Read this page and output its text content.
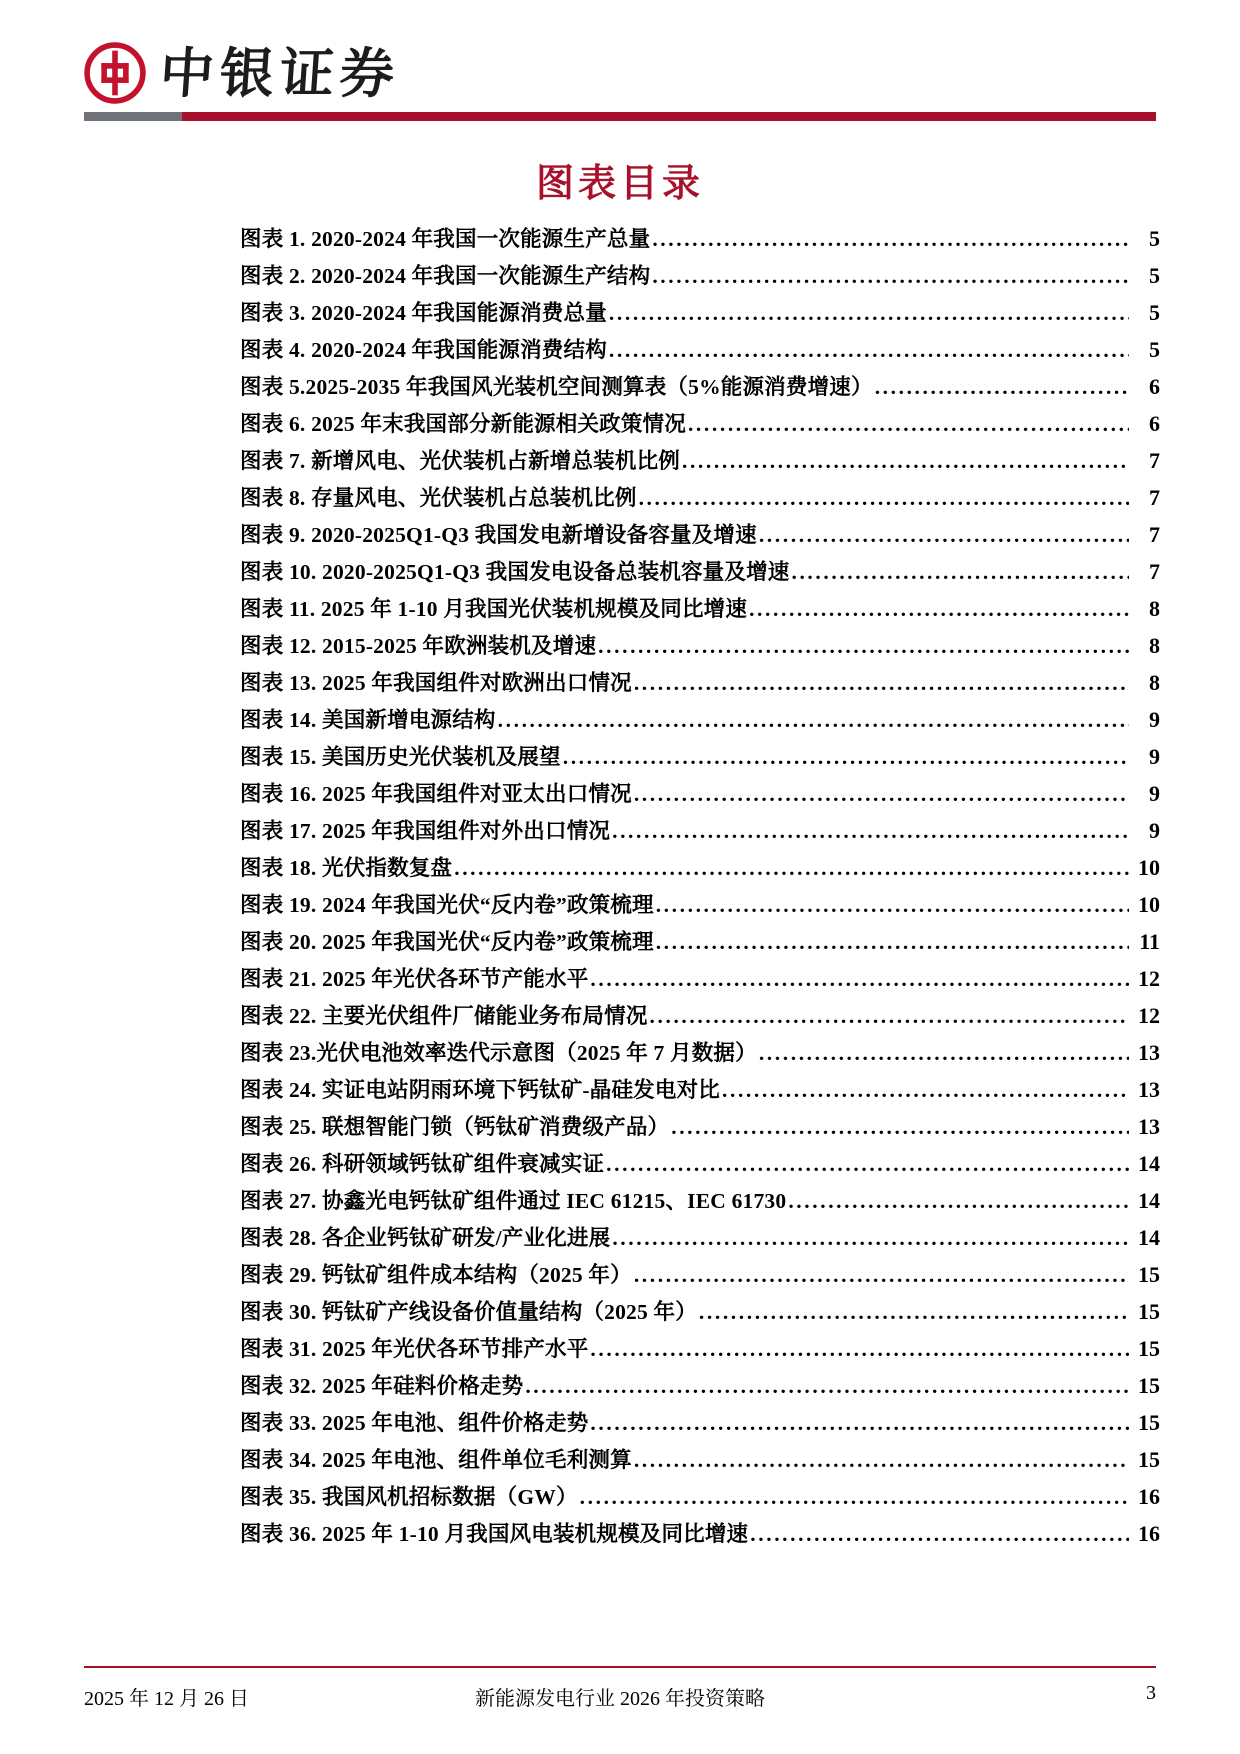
中银证券
图表目录
图表 1. 2020-2024 年我国一次能源生产总量 .....	5
图表 2. 2020-2024 年我国一次能源生产结构 .....	5
图表 3. 2020-2024 年我国能源消费总量 .....	5
图表 4. 2020-2024 年我国能源消费结构 .....	5
图表 5.2025-2035 年我国风光装机空间测算表（5%能源消费增速） .....	6
图表 6. 2025 年末我国部分新能源相关政策情况 .....	6
图表 7. 新增风电、光伏装机占新增总装机比例 .....	7
图表 8. 存量风电、光伏装机占总装机比例 .....	7
图表 9. 2020-2025Q1-Q3 我国发电新增设备容量及增速 .....	7
图表 10. 2020-2025Q1-Q3 我国发电设备总装机容量及增速 .....	7
图表 11. 2025 年 1-10 月我国光伏装机规模及同比增速 .....	8
图表 12. 2015-2025 年欧洲装机及增速 .....	8
图表 13. 2025 年我国组件对欧洲出口情况 .....	8
图表 14. 美国新增电源结构 .....	9
图表 15. 美国历史光伏装机及展望 .....	9
图表 16. 2025 年我国组件对亚太出口情况 .....	9
图表 17. 2025 年我国组件对外出口情况 .....	9
图表 18. 光伏指数复盘 .....	10
图表 19. 2024 年我国光伏“反内卷”政策梳理 .....	10
图表 20. 2025 年我国光伏“反内卷”政策梳理 .....	11
图表 21. 2025 年光伏各环节产能水平 .....	12
图表 22. 主要光伏组件厂储能业务布局情况 .....	12
图表 23.光伏电池效率迭代示意图（2025 年 7 月数据） .....	13
图表 24. 实证电站阴雨环境下钙钛矿-晶硅发电对比 .....	13
图表 25. 联想智能门锁（钙钛矿消费级产品） .....	13
图表 26. 科研领域钙钛矿组件衰减实证 .....	14
图表 27. 协鑫光电钙钛矿组件通过 IEC 61215、IEC 61730 .....	14
图表 28. 各企业钙钛矿研发/产业化进展 .....	14
图表 29. 钙钛矿组件成本结构（2025 年） .....	15
图表 30. 钙钛矿产线设备价值量结构（2025 年） .....	15
图表 31. 2025 年光伏各环节排产水平 .....	15
图表 32. 2025 年硅料价格走势 .....	15
图表 33. 2025 年电池、组件价格走势 .....	15
图表 34. 2025 年电池、组件单位毛利测算 .....	15
图表 35. 我国风机招标数据（GW） .....	16
图表 36. 2025 年 1-10 月我国风电装机规模及同比增速 .....	16
2025 年 12 月 26 日	新能源发电行业 2026 年投资策略	3
